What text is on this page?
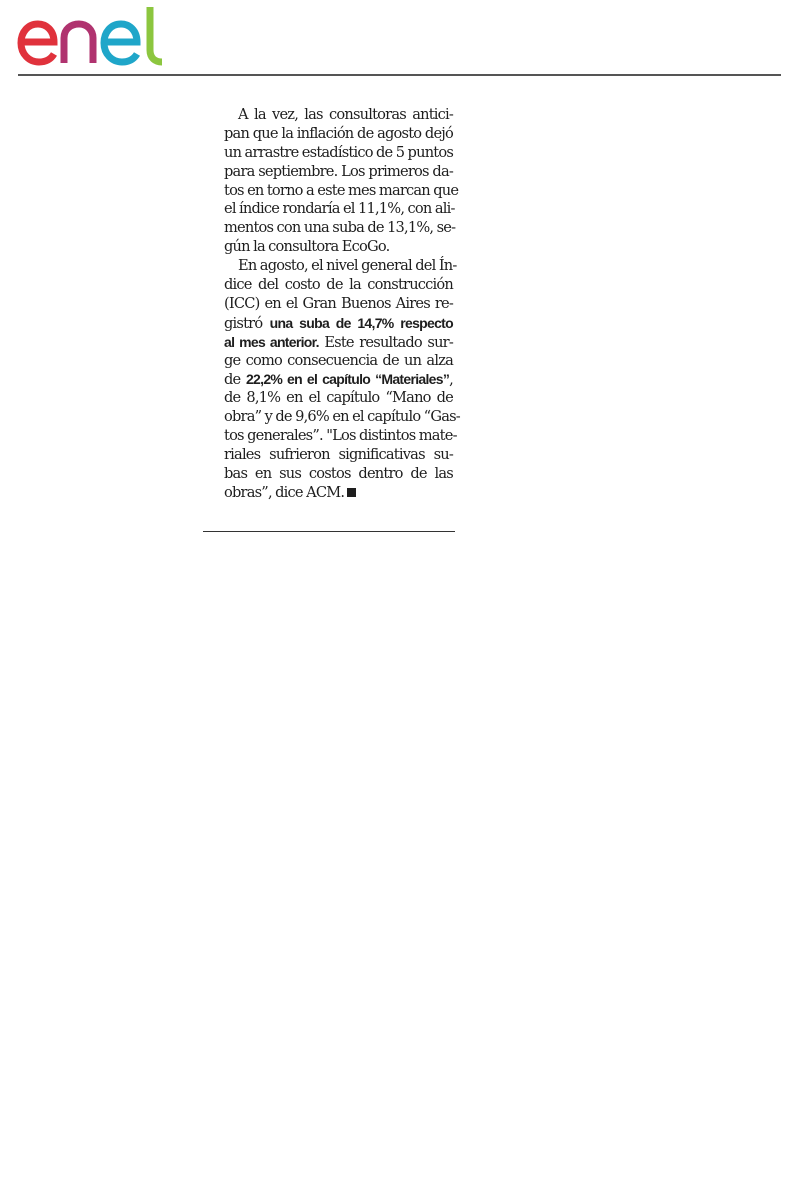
A la vez, las consultoras antici-
pan que la inflación de agosto dejó
un arrastre estadístico de 5 puntos
para septiembre. Los primeros da-
tos en torno a este mes marcan que
el índice rondaría el 11,1%, con ali-
mentos con una suba de 13,1%, se-
gún la consultora EcoGo.
En agosto, el nivel general del Ín-
dice del costo de la construcción
(ICC) en el Gran Buenos Aires re-
gistró una suba de 14,7% respecto
al mes anterior. Este resultado sur-
ge como consecuencia de un alza
de 22,2% en el capítulo “Materiales”,
de 8,1% en el capítulo “Mano de
obra” y de 9,6% en el capítulo “Gas-
tos generales”. "Los distintos mate-
riales sufrieron significativas su-
bas en sus costos dentro de las
obras”, dice ACM.
